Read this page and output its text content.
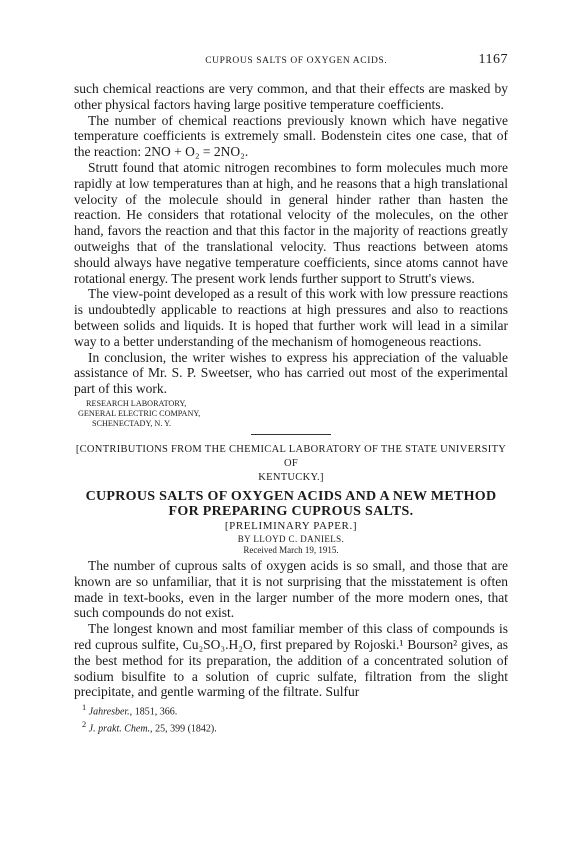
CUPROUS SALTS OF OXYGEN ACIDS.	1167

such chemical reactions are very common, and that their effects are masked by other physical factors having large positive temperature coefficients.

The number of chemical reactions previously known which have negative temperature coefficients is extremely small. Bodenstein cites one case, that of the reaction: 2NO + O₂ = 2NO₂.

Strutt found that atomic nitrogen recombines to form molecules much more rapidly at low temperatures than at high, and he reasons that a high translational velocity of the molecule should in general hinder rather than hasten the reaction. He considers that rotational velocity of the molecules, on the other hand, favors the reaction and that this factor in the majority of reactions greatly outweighs that of the translational velocity. Thus reactions between atoms should always have negative temperature coefficients, since atoms cannot have rotational energy. The present work lends further support to Strutt's views.

The view-point developed as a result of this work with low pressure reactions is undoubtedly applicable to reactions at high pressures and also to reactions between solids and liquids. It is hoped that further work will lead in a similar way to a better understanding of the mechanism of homogeneous reactions.

In conclusion, the writer wishes to express his appreciation of the valuable assistance of Mr. S. P. Sweetser, who has carried out most of the experimental part of this work.

RESEARCH LABORATORY,
GENERAL ELECTRIC COMPANY,
SCHENECTADY, N. Y.
[CONTRIBUTIONS FROM THE CHEMICAL LABORATORY OF THE STATE UNIVERSITY OF
KENTUCKY.]
CUPROUS SALTS OF OXYGEN ACIDS AND A NEW METHOD
FOR PREPARING CUPROUS SALTS.
[PRELIMINARY PAPER.]
BY LLOYD C. DANIELS.
Received March 19, 1915.

The number of cuprous salts of oxygen acids is so small, and those that are known are so unfamiliar, that it is not surprising that the misstatement is often made in text-books, even in the larger number of the more modern ones, that such compounds do not exist.

The longest known and most familiar member of this class of compounds is red cuprous sulfite, Cu₂SO₃.H₂O, first prepared by Rojoski.¹ Bourson² gives, as the best method for its preparation, the addition of a concentrated solution of sodium bisulfite to a solution of cupric sulfate, filtration from the slight precipitate, and gentle warming of the filtrate. Sulfur

$^1$ Jahresber., 1851, 366.
$^2$ J. prakt. Chem., 25, 399 (1842).
